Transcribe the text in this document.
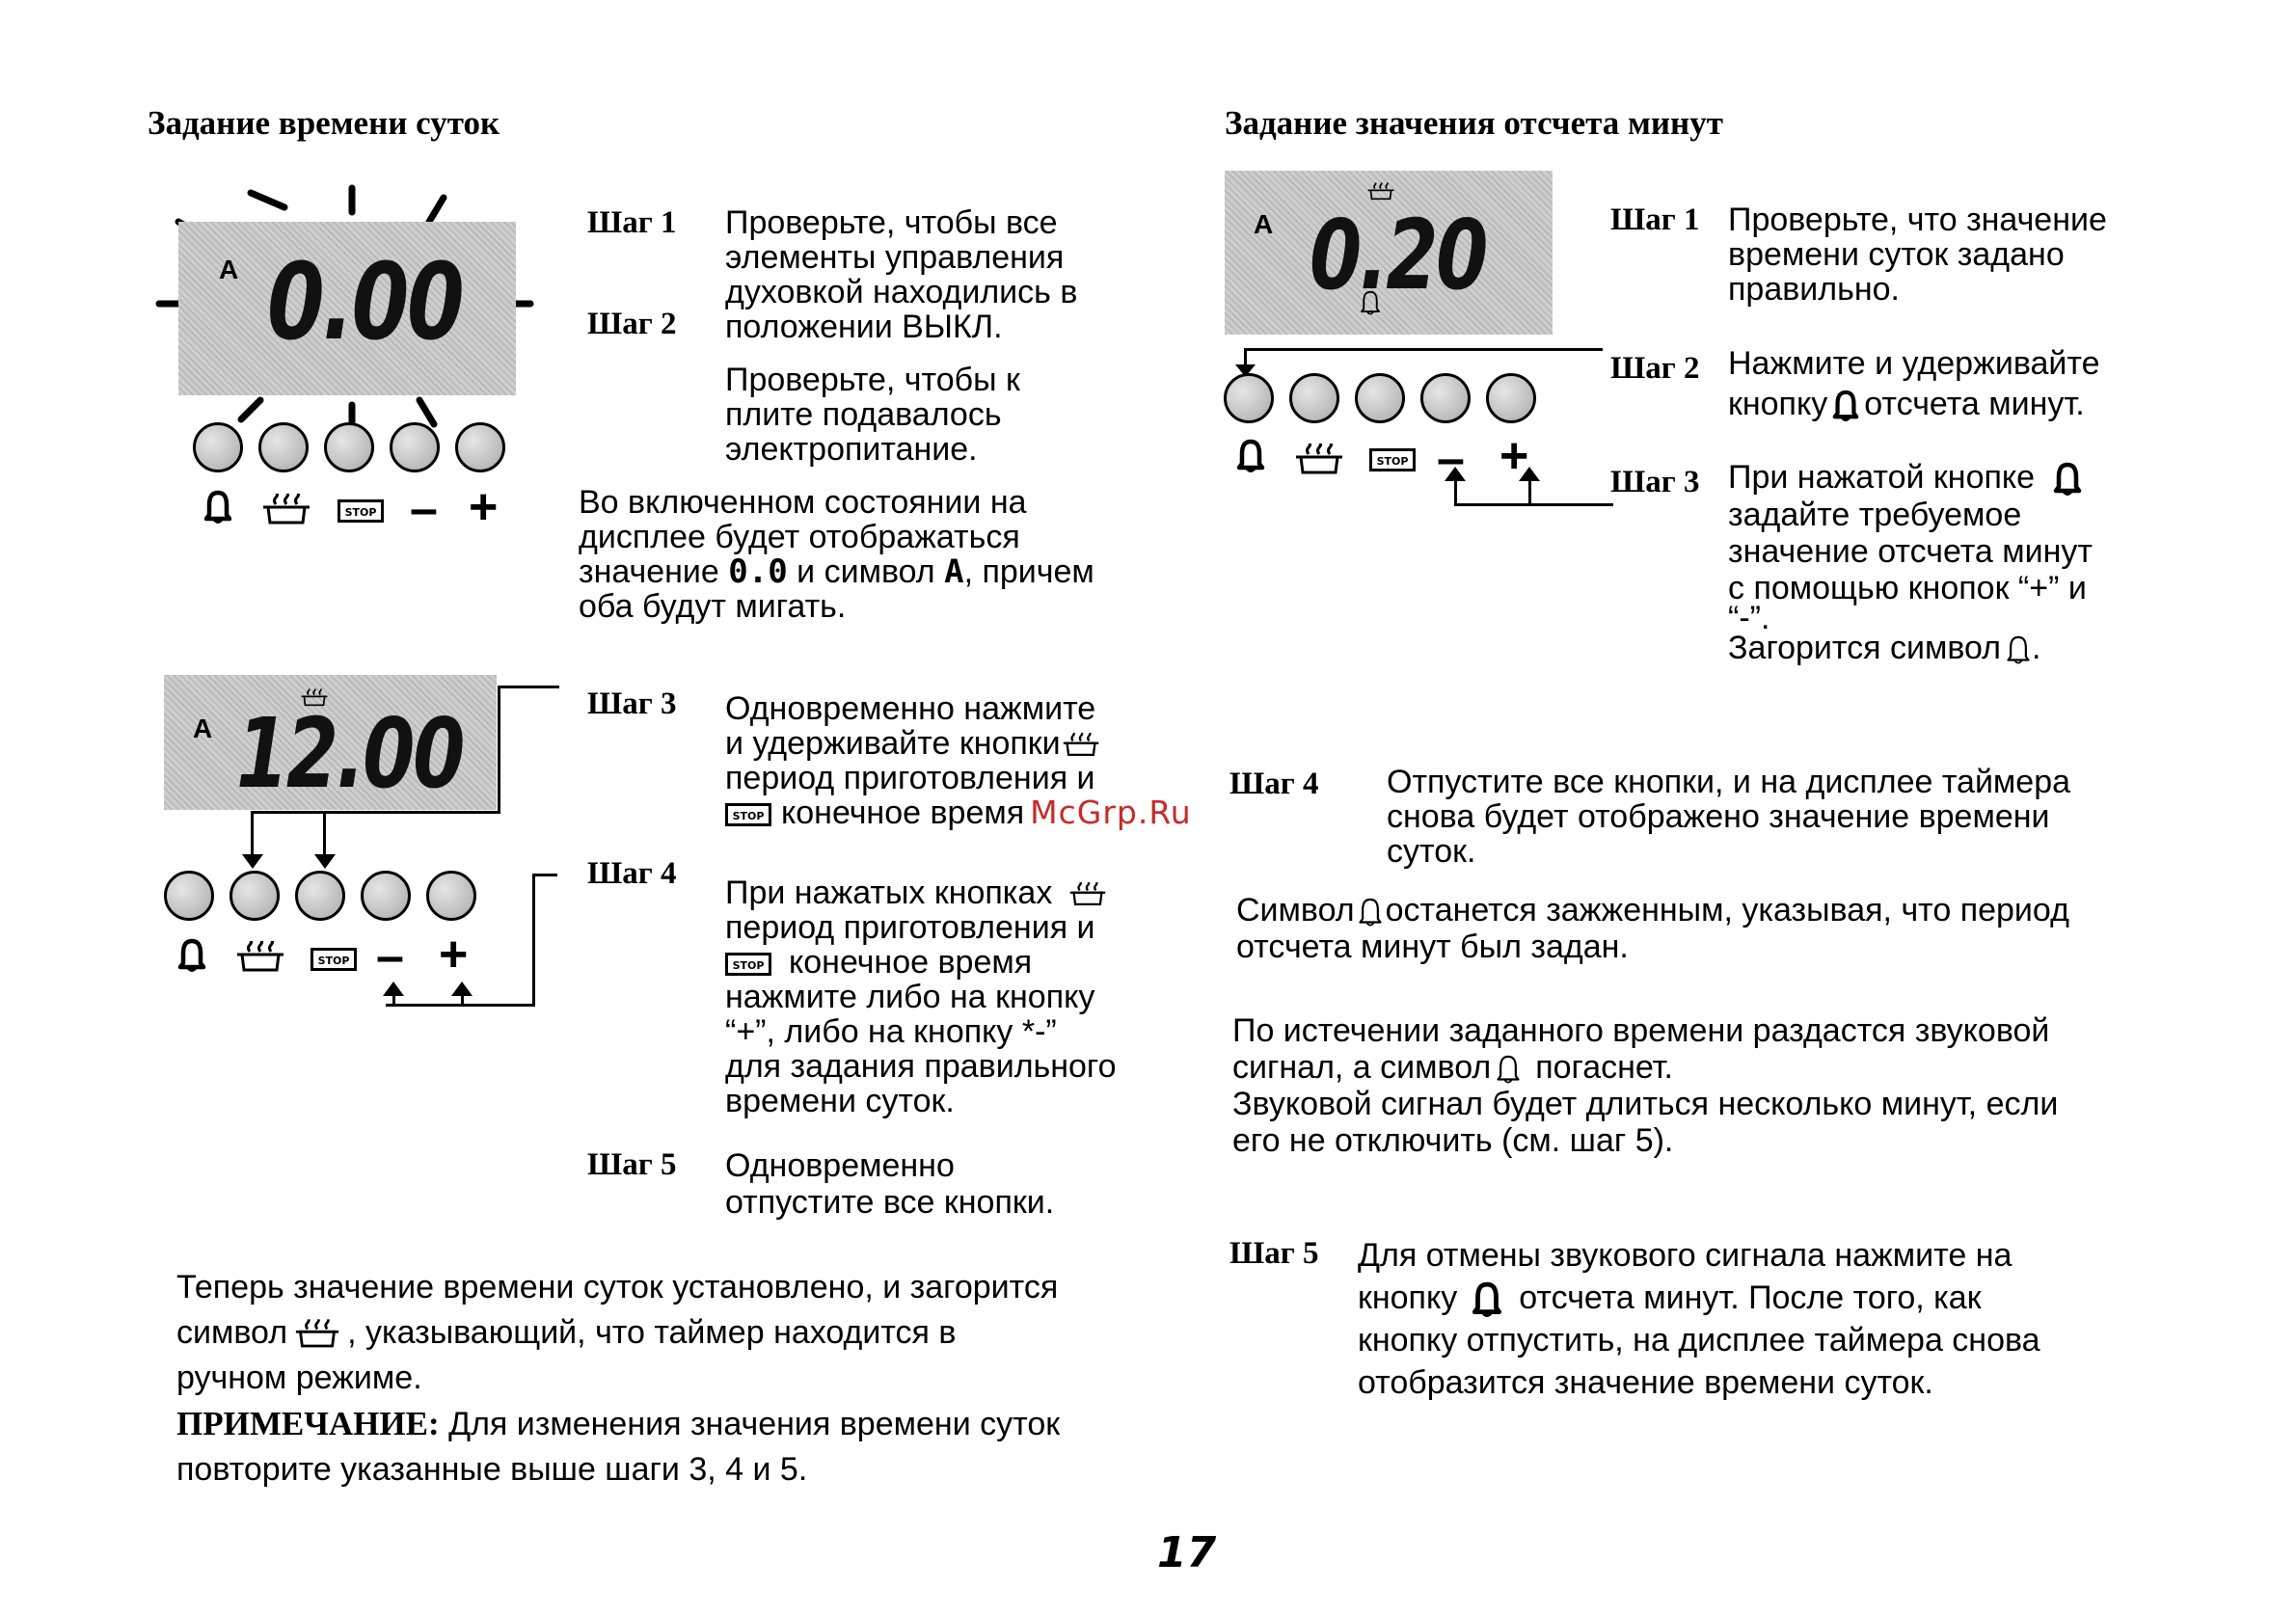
Задание времени суток
A 0.00
Шаг 1
Шаг 2
Проверьте, чтобы все
элементы управления
духовкой находились в
положении ВЫКЛ.
Проверьте, чтобы к
плите подавалось
электропитание.
– + Во включенном состоянии на
дисплее будет отображаться
значение 0.0 и символ A, причем
оба будут мигать.
A 12.00
– +
Шаг 3 Одновременно нажмите
и удерживайте кнопки
период приготовления и
конечное время McGrp.Ru
Шаг 4
При нажатых кнопках
период приготовления и
конечное время
нажмите либо на кнопку
“+”, либо на кнопку *-”
для задания правильного
времени суток.
Шаг 5 Одновременно
отпустите все кнопки.
Теперь значение времени суток установлено, и загорится
символ , указывающий, что таймер находится в
ручном режиме.
ПРИМЕЧАНИЕ: Для изменения значения времени суток
повторите указанные выше шаги 3, 4 и 5.
Задание значения отсчета минут
A 0.20
– +
Шаг 1 Проверьте, что значение
времени суток задано
правильно.
Шаг 2 Нажмите и удерживайте
кнопку отсчета минут.
Шаг 3 При нажатой кнопке
задайте требуемое
значение отсчета минут
с помощью кнопок “+” и
“-”.
Загорится символ .
Шаг 4 Отпустите все кнопки, и на дисплее таймера
снова будет отображено значение времени
суток.
Символ останется зажженным, указывая, что период
отсчета минут был задан.
По истечении заданного времени раздастся звуковой
сигнал, а символ погаснет.
Звуковой сигнал будет длиться несколько минут, если
его не отключить (см. шаг 5).
Шаг 5 Для отмены звукового сигнала нажмите на
кнопку отсчета минут. После того, как
кнопку отпустить, на дисплее таймера снова
отобразится значение времени суток.
17
